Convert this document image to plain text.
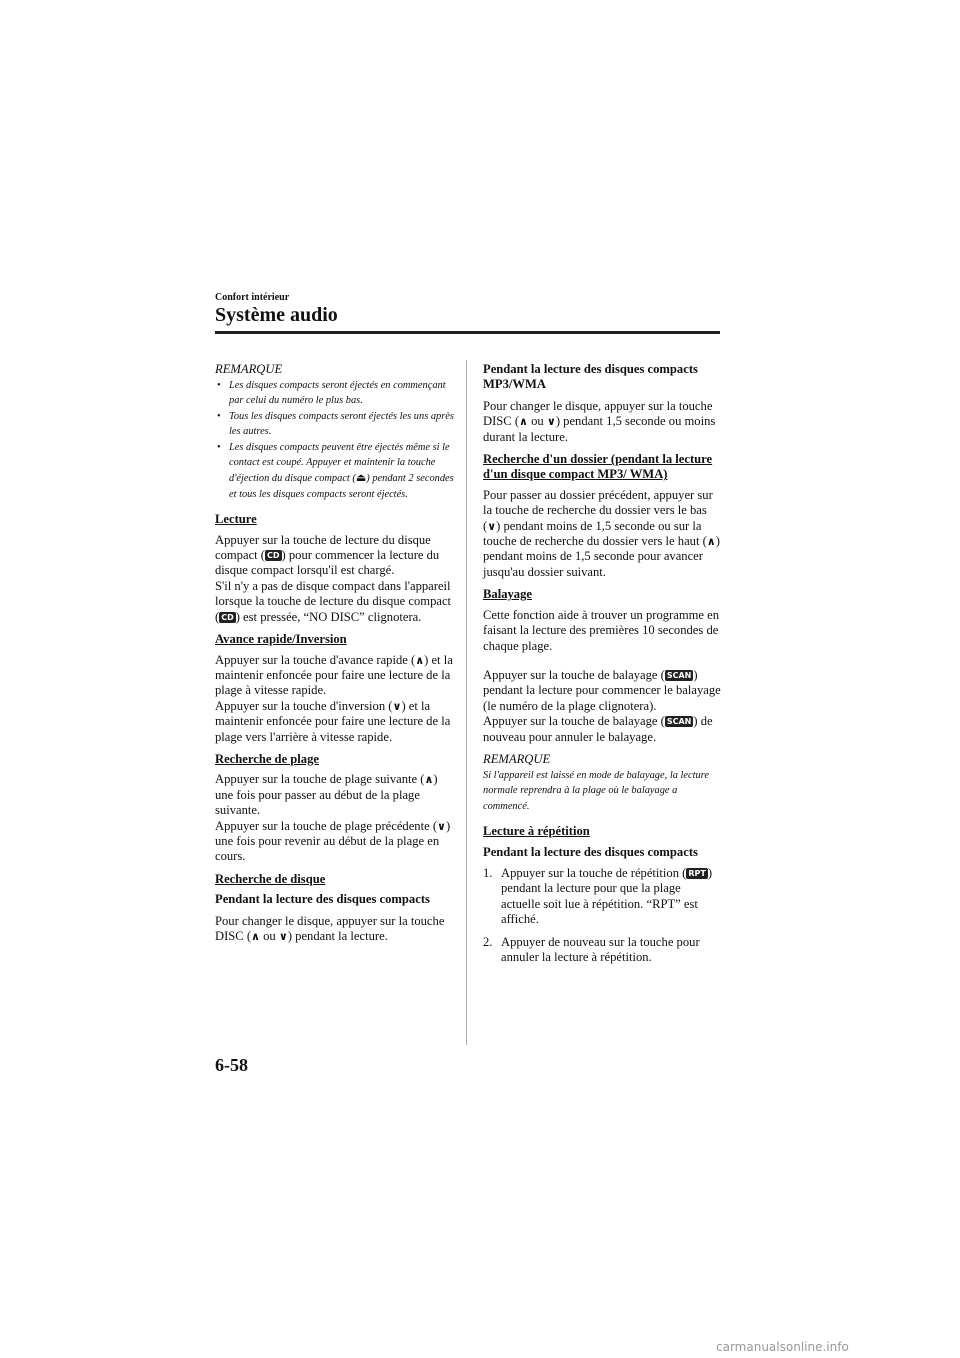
Confort intérieur
Système audio
REMARQUE
• Les disques compacts seront éjectés en commençant par celui du numéro le plus bas.
• Tous les disques compacts seront éjectés les uns après les autres.
• Les disques compacts peuvent être éjectés même si le contact est coupé. Appuyer et maintenir la touche d'éjection du disque compact (⏏) pendant 2 secondes et tous les disques compacts seront éjectés.
Lecture

Appuyer sur la touche de lecture du disque compact ( CD ) pour commencer la lecture du disque compact lorsqu'il est chargé.
S'il n'y a pas de disque compact dans l'appareil lorsque la touche de lecture du disque compact ( CD ) est pressée, “NO DISC” clignotera.

Avance rapide/Inversion

Appuyer sur la touche d'avance rapide (∧) et la maintenir enfoncée pour faire une lecture de la plage à vitesse rapide.
Appuyer sur la touche d'inversion (∨) et la maintenir enfoncée pour faire une lecture de la plage vers l'arrière à vitesse rapide.

Recherche de plage

Appuyer sur la touche de plage suivante (∧) une fois pour passer au début de la plage suivante.
Appuyer sur la touche de plage précédente (∨) une fois pour revenir au début de la plage en cours.

Recherche de disque
Pendant la lecture des disques compacts

Pour changer le disque, appuyer sur la touche DISC (∧ ou ∨) pendant la lecture.

Pendant la lecture des disques compacts MP3/WMA

Pour changer le disque, appuyer sur la touche DISC (∧ ou ∨) pendant 1,5 seconde ou moins durant la lecture.

Recherche d'un dossier (pendant la lecture d'un disque compact MP3/ WMA)

Pour passer au dossier précédent, appuyer sur la touche de recherche du dossier vers le bas (∨) pendant moins de 1,5 seconde ou sur la touche de recherche du dossier vers le haut (∧) pendant moins de 1,5 seconde pour avancer jusqu'au dossier suivant.

Balayage

Cette fonction aide à trouver un programme en faisant la lecture des premières 10 secondes de chaque plage.

Appuyer sur la touche de balayage ( SCAN ) pendant la lecture pour commencer le balayage (le numéro de la plage clignotera).
Appuyer sur la touche de balayage ( SCAN ) de nouveau pour annuler le balayage.

REMARQUE

Si l'appareil est laissé en mode de balayage, la lecture normale reprendra à la plage où le balayage a commencé.

Lecture à répétition
Pendant la lecture des disques compacts
1. Appuyer sur la touche de répétition ( RPT ) pendant la lecture pour que la plage actuelle soit lue à répétition. “RPT” est affiché.
2. Appuyer de nouveau sur la touche pour annuler la lecture à répétition.
6-58
carmanualsonline.info
